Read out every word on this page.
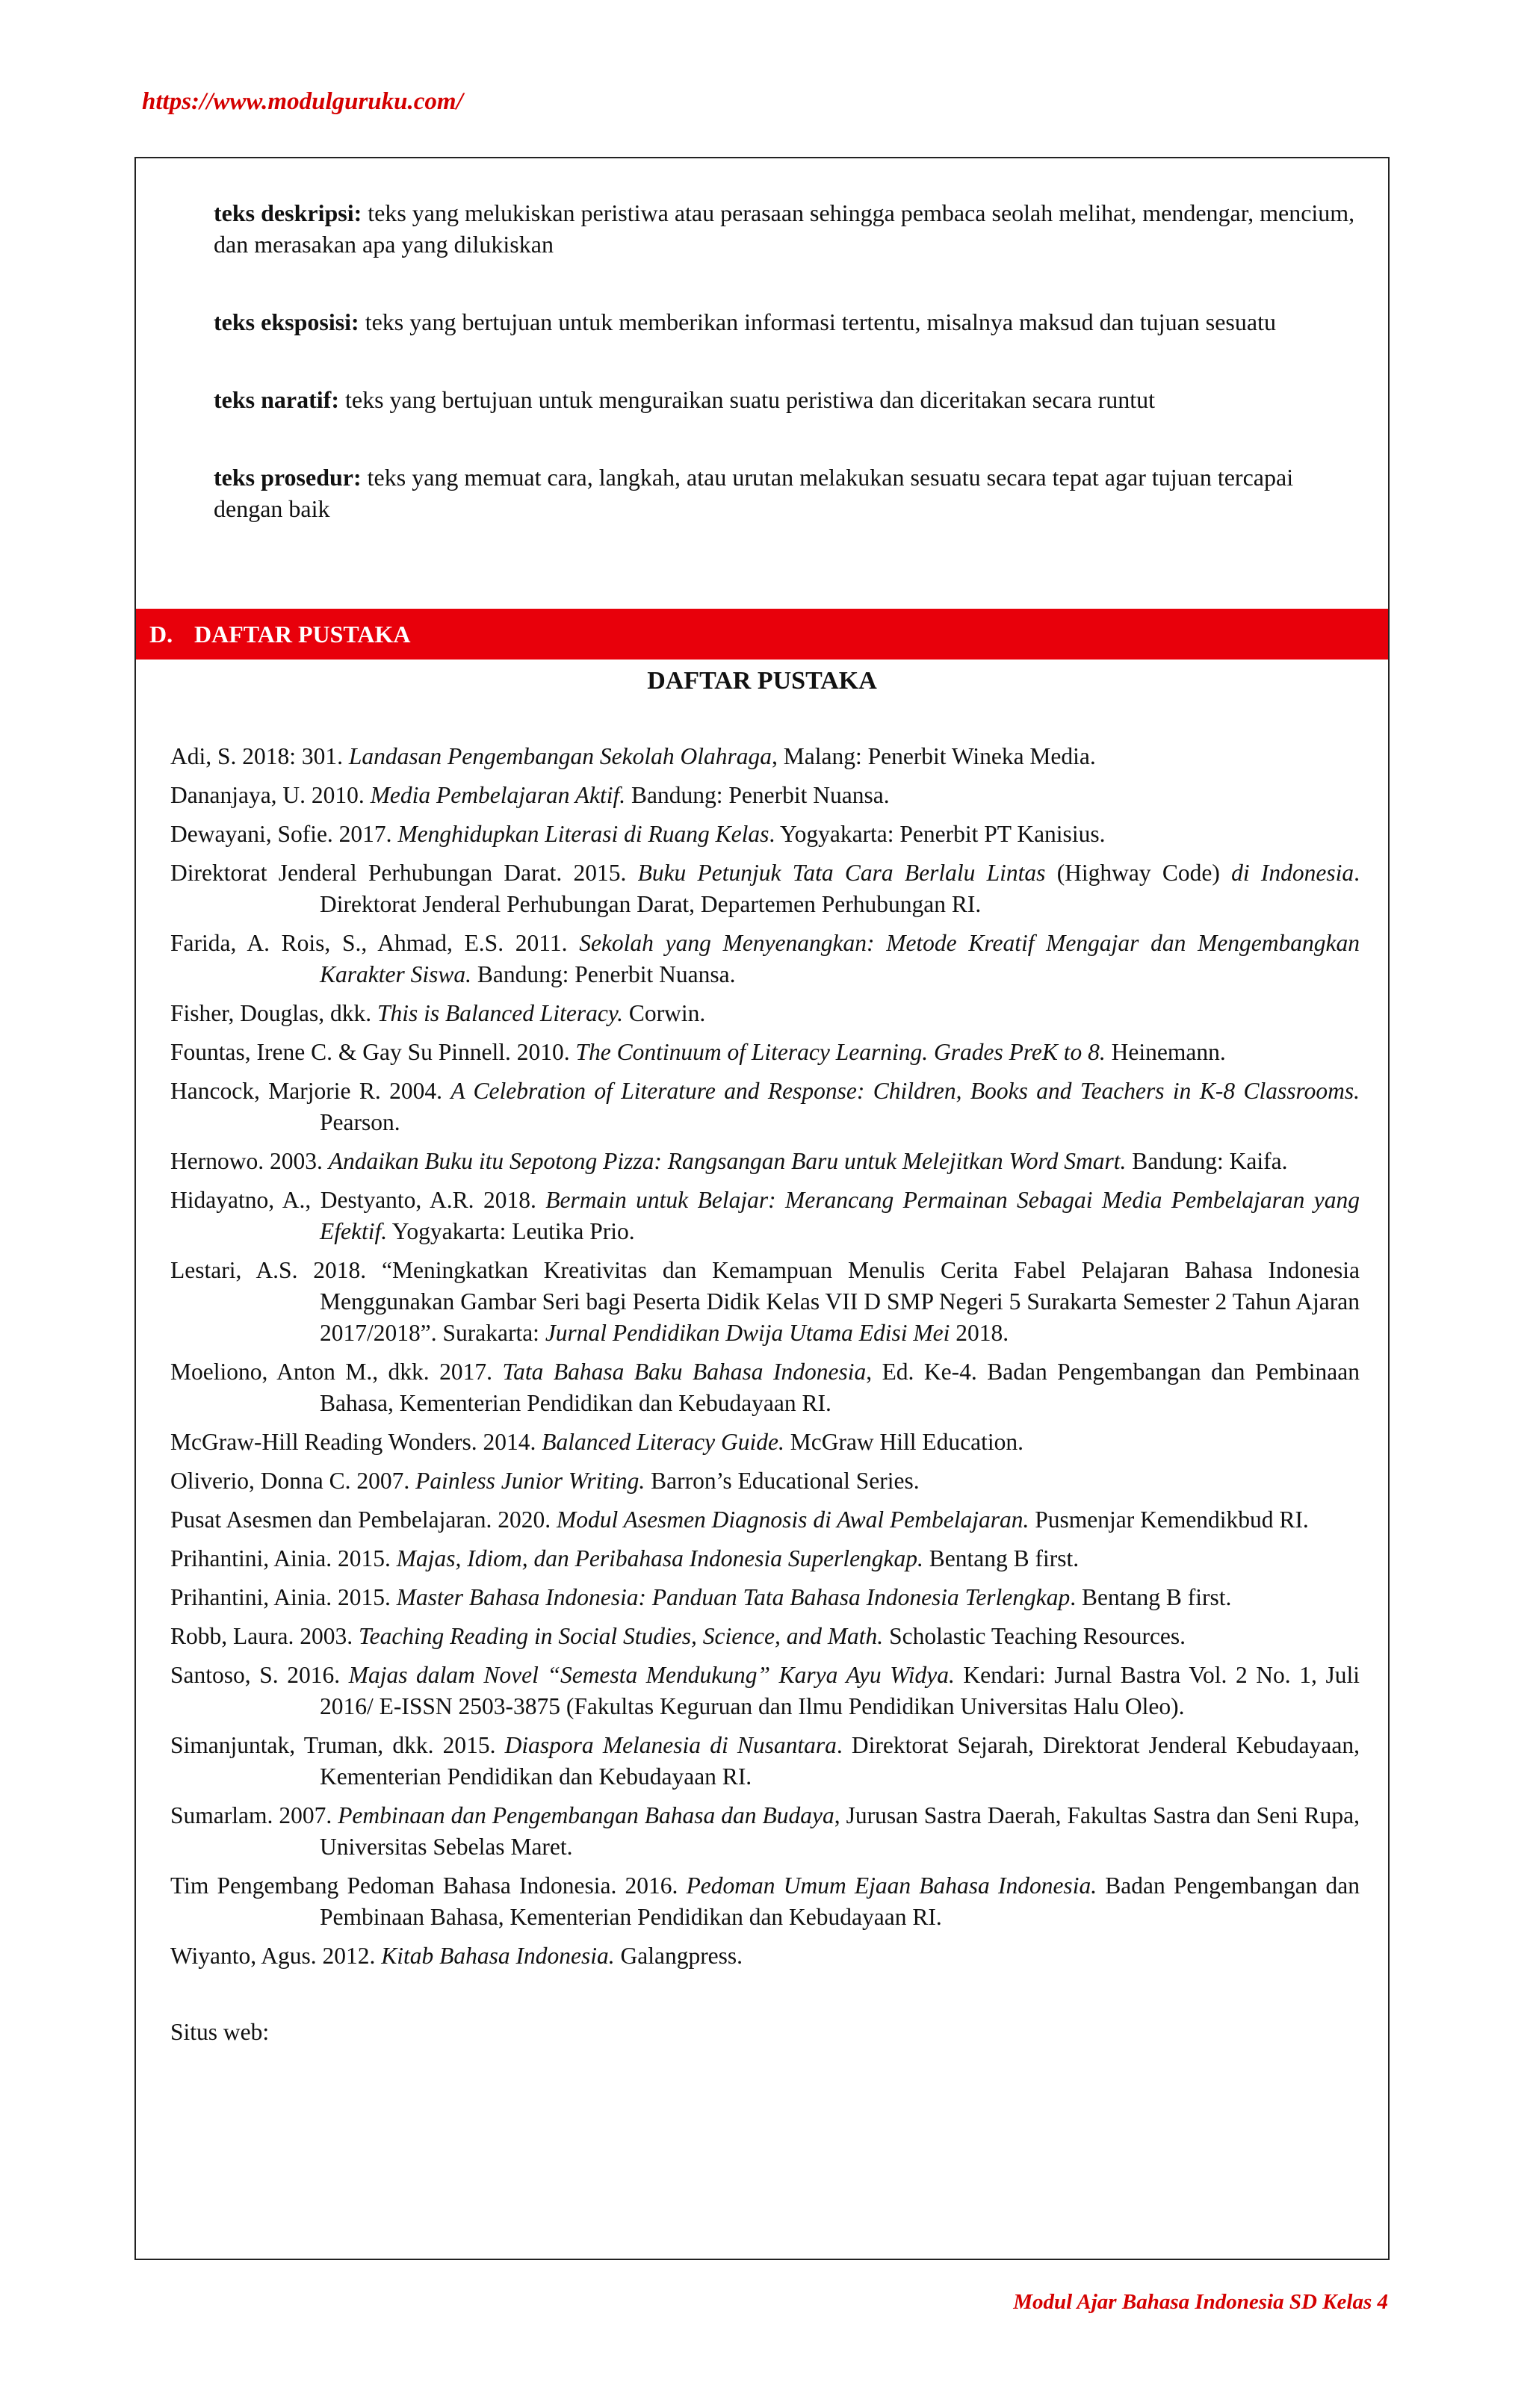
https://www.modulguruku.com/

teks deskripsi: teks yang melukiskan peristiwa atau perasaan sehingga pembaca seolah melihat, mendengar, mencium, dan merasakan apa yang dilukiskan

teks eksposisi: teks yang bertujuan untuk memberikan informasi tertentu, misalnya maksud dan tujuan sesuatu

teks naratif: teks yang bertujuan untuk menguraikan suatu peristiwa dan diceritakan secara runtut

teks prosedur: teks yang memuat cara, langkah, atau urutan melakukan sesuatu secara tepat agar tujuan tercapai dengan baik

D. DAFTAR PUSTAKA
DAFTAR PUSTAKA

Adi, S. 2018: 301. Landasan Pengembangan Sekolah Olahraga, Malang: Penerbit Wineka Media.

Dananjaya, U. 2010. Media Pembelajaran Aktif. Bandung: Penerbit Nuansa.

Dewayani, Sofie. 2017. Menghidupkan Literasi di Ruang Kelas. Yogyakarta: Penerbit PT Kanisius.

Direktorat Jenderal Perhubungan Darat. 2015. Buku Petunjuk Tata Cara Berlalu Lintas (Highway Code) di Indonesia. Direktorat Jenderal Perhubungan Darat, Departemen Perhubungan RI.

Farida, A. Rois, S., Ahmad, E.S. 2011. Sekolah yang Menyenangkan: Metode Kreatif Mengajar dan Mengembangkan Karakter Siswa. Bandung: Penerbit Nuansa.

Fisher, Douglas, dkk. This is Balanced Literacy. Corwin.

Fountas, Irene C. & Gay Su Pinnell. 2010. The Continuum of Literacy Learning. Grades PreK to 8. Heinemann.

Hancock, Marjorie R. 2004. A Celebration of Literature and Response: Children, Books and Teachers in K-8 Classrooms. Pearson.

Hernowo. 2003. Andaikan Buku itu Sepotong Pizza: Rangsangan Baru untuk Melejitkan Word Smart. Bandung: Kaifa.

Hidayatno, A., Destyanto, A.R. 2018. Bermain untuk Belajar: Merancang Permainan Sebagai Media Pembelajaran yang Efektif. Yogyakarta: Leutika Prio.

Lestari, A.S. 2018. “Meningkatkan Kreativitas dan Kemampuan Menulis Cerita Fabel Pelajaran Bahasa Indonesia Menggunakan Gambar Seri bagi Peserta Didik Kelas VII D SMP Negeri 5 Surakarta Semester 2 Tahun Ajaran 2017/2018”. Surakarta: Jurnal Pendidikan Dwija Utama Edisi Mei 2018.

Moeliono, Anton M., dkk. 2017. Tata Bahasa Baku Bahasa Indonesia, Ed. Ke-4. Badan Pengembangan dan Pembinaan Bahasa, Kementerian Pendidikan dan Kebudayaan RI.

McGraw-Hill Reading Wonders. 2014. Balanced Literacy Guide. McGraw Hill Education.

Oliverio, Donna C. 2007. Painless Junior Writing. Barron’s Educational Series.

Pusat Asesmen dan Pembelajaran. 2020. Modul Asesmen Diagnosis di Awal Pembelajaran. Pusmenjar Kemendikbud RI.

Prihantini, Ainia. 2015. Majas, Idiom, dan Peribahasa Indonesia Superlengkap. Bentang B first.

Prihantini, Ainia. 2015. Master Bahasa Indonesia: Panduan Tata Bahasa Indonesia Terlengkap. Bentang B first.

Robb, Laura. 2003. Teaching Reading in Social Studies, Science, and Math. Scholastic Teaching Resources.

Santoso, S. 2016. Majas dalam Novel “Semesta Mendukung” Karya Ayu Widya. Kendari: Jurnal Bastra Vol. 2 No. 1, Juli 2016/ E-ISSN 2503-3875 (Fakultas Keguruan dan Ilmu Pendidikan Universitas Halu Oleo).

Simanjuntak, Truman, dkk. 2015. Diaspora Melanesia di Nusantara. Direktorat Sejarah, Direktorat Jenderal Kebudayaan, Kementerian Pendidikan dan Kebudayaan RI.

Sumarlam. 2007. Pembinaan dan Pengembangan Bahasa dan Budaya, Jurusan Sastra Daerah, Fakultas Sastra dan Seni Rupa, Universitas Sebelas Maret.

Tim Pengembang Pedoman Bahasa Indonesia. 2016. Pedoman Umum Ejaan Bahasa Indonesia. Badan Pengembangan dan Pembinaan Bahasa, Kementerian Pendidikan dan Kebudayaan RI.

Wiyanto, Agus. 2012. Kitab Bahasa Indonesia. Galangpress.

Situs web:
Modul Ajar Bahasa Indonesia SD Kelas 4
